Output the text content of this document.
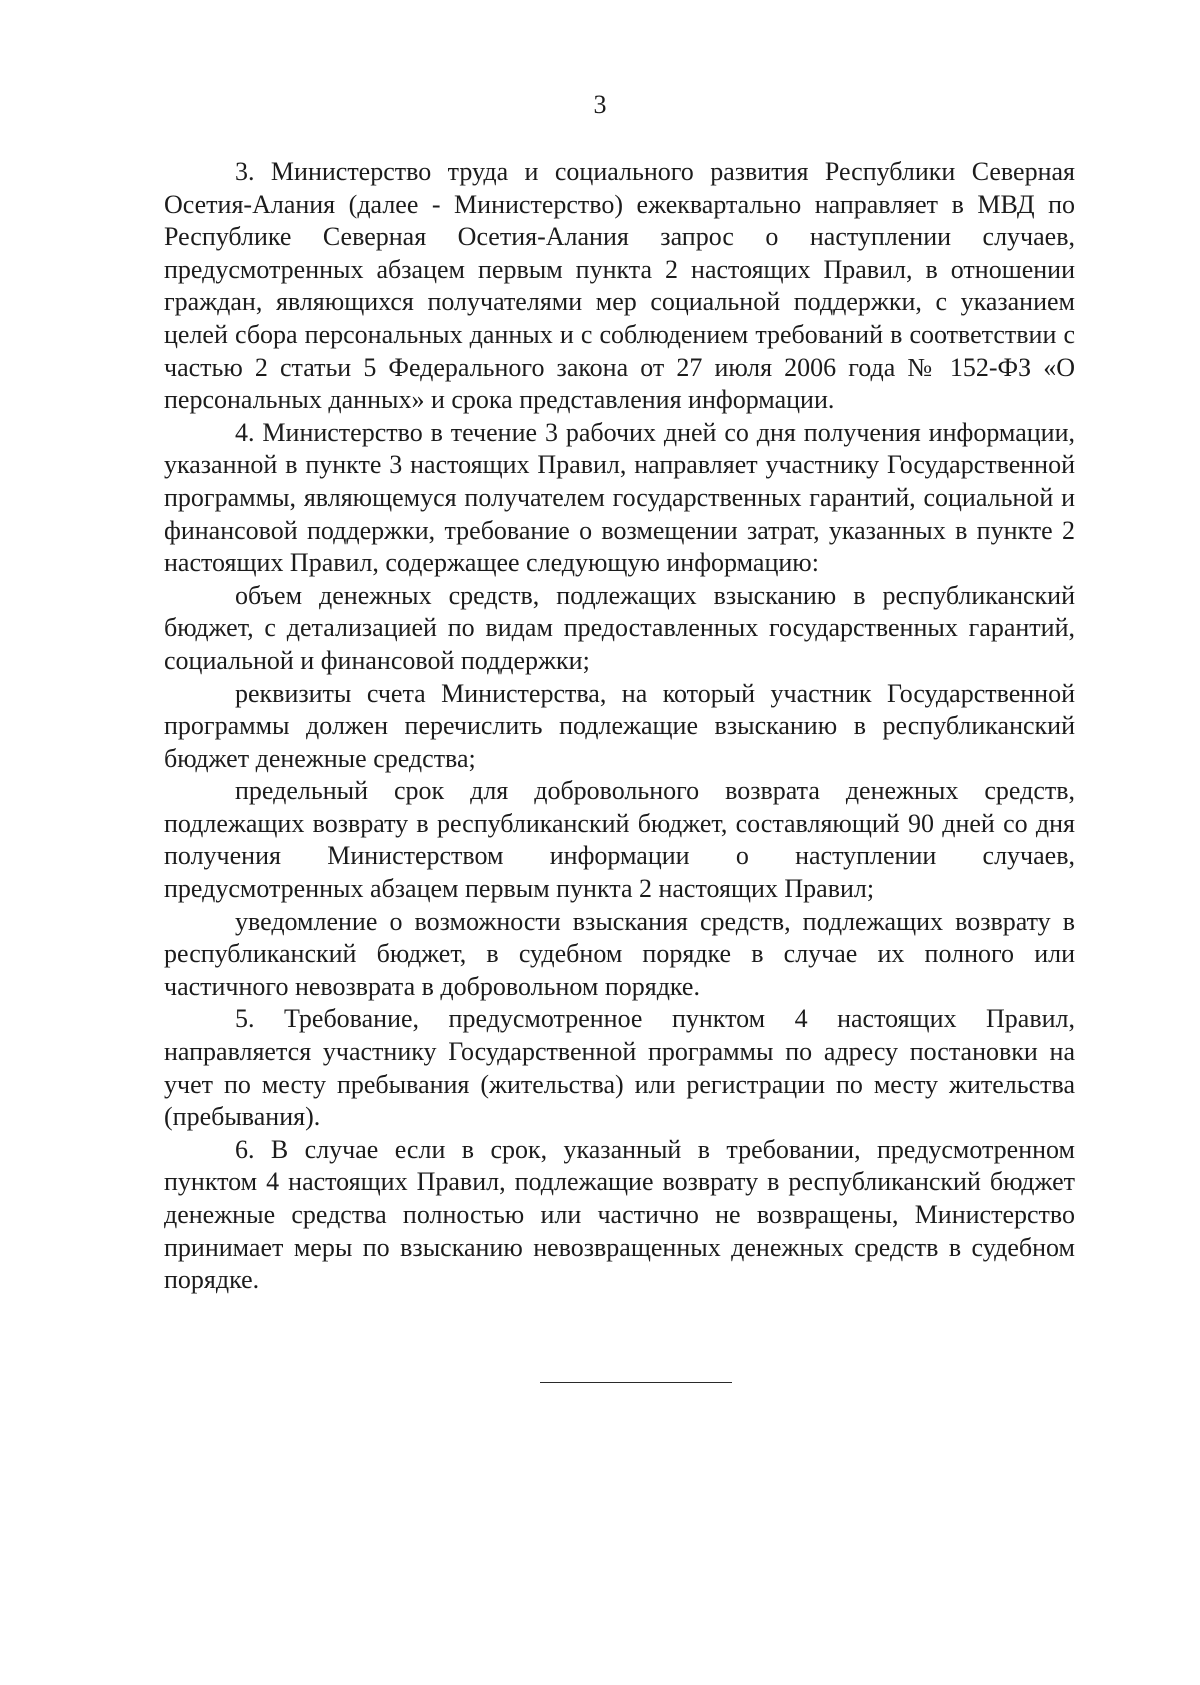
3

3. Министерство труда и социального развития Республики Северная Осетия-Алания (далее - Министерство) ежеквартально направляет в МВД по Республике Северная Осетия-Алания запрос о наступлении случаев, предусмотренных абзацем первым пункта 2 настоящих Правил, в отношении граждан, являющихся получателями мер социальной поддержки, с указанием целей сбора персональных данных и с соблюдением требований в соответствии с частью 2 статьи 5 Федерального закона от 27 июля 2006 года № 152-ФЗ «О персональных данных» и срока представления информации.

4. Министерство в течение 3 рабочих дней со дня получения информации, указанной в пункте 3 настоящих Правил, направляет участнику Государственной программы, являющемуся получателем государственных гарантий, социальной и финансовой поддержки, требование о возмещении затрат, указанных в пункте 2 настоящих Правил, содержащее следующую информацию:

объем денежных средств, подлежащих взысканию в республиканский бюджет, с детализацией по видам предоставленных государственных гарантий, социальной и финансовой поддержки;

реквизиты счета Министерства, на который участник Государственной программы должен перечислить подлежащие взысканию в республиканский бюджет денежные средства;

предельный срок для добровольного возврата денежных средств, подлежащих возврату в республиканский бюджет, составляющий 90 дней со дня получения Министерством информации о наступлении случаев, предусмотренных абзацем первым пункта 2 настоящих Правил;

уведомление о возможности взыскания средств, подлежащих возврату в республиканский бюджет, в судебном порядке в случае их полного или частичного невозврата в добровольном порядке.

5. Требование, предусмотренное пунктом 4 настоящих Правил, направляется участнику Государственной программы по адресу постановки на учет по месту пребывания (жительства) или регистрации по месту жительства (пребывания).

6. В случае если в срок, указанный в требовании, предусмотренном пунктом 4 настоящих Правил, подлежащие возврату в республиканский бюджет денежные средства полностью или частично не возвращены, Министерство принимает меры по взысканию невозвращенных денежных средств в судебном порядке.
